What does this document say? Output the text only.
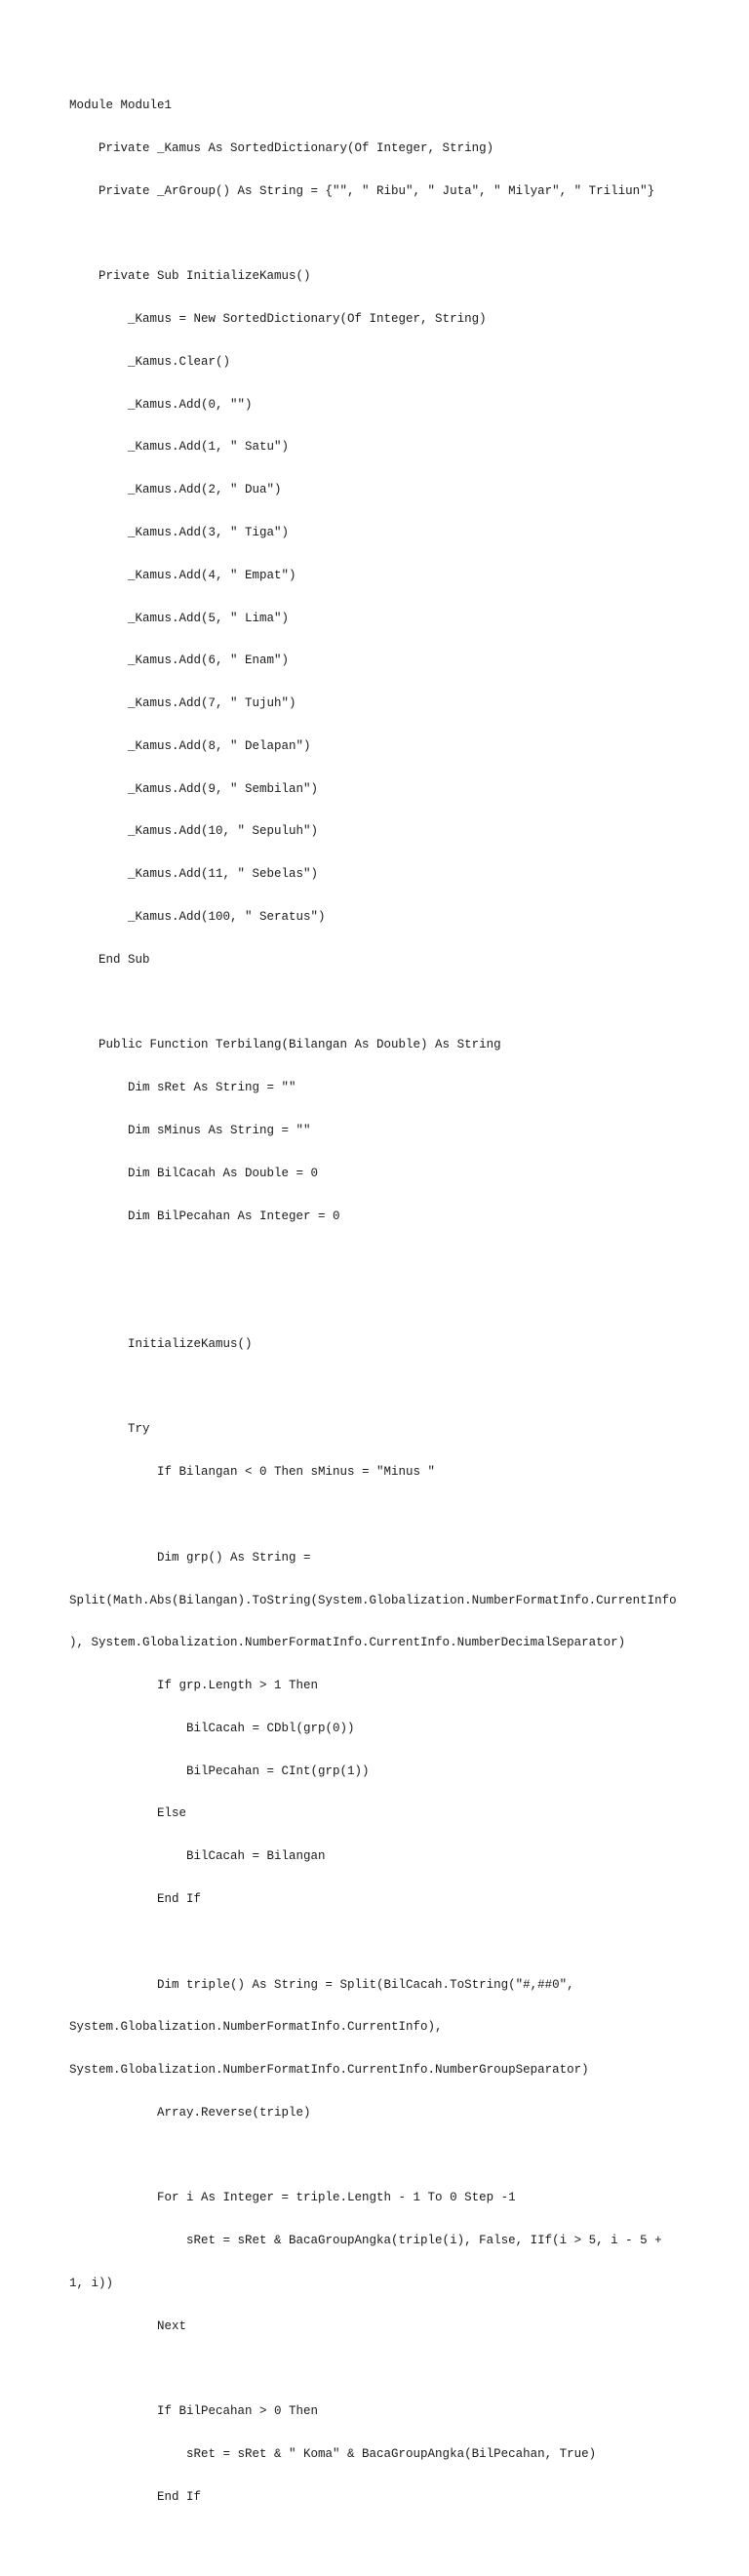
Module Module1

Private _Kamus As SortedDictionary(Of Integer, String)

Private _ArGroup() As String = {"", " Ribu", " Juta", " Milyar", " Triliun"}

Private Sub InitializeKamus()

_Kamus = New SortedDictionary(Of Integer, String)

_Kamus.Clear()

_Kamus.Add(0, "")

_Kamus.Add(1, " Satu")

_Kamus.Add(2, " Dua")

_Kamus.Add(3, " Tiga")

_Kamus.Add(4, " Empat")

_Kamus.Add(5, " Lima")

_Kamus.Add(6, " Enam")

_Kamus.Add(7, " Tujuh")

_Kamus.Add(8, " Delapan")

_Kamus.Add(9, " Sembilan")

_Kamus.Add(10, " Sepuluh")

_Kamus.Add(11, " Sebelas")

_Kamus.Add(100, " Seratus")

End Sub

Public Function Terbilang(Bilangan As Double) As String

Dim sRet As String = ""

Dim sMinus As String = ""

Dim BilCacah As Double = 0

Dim BilPecahan As Integer = 0

InitializeKamus()

Try

If Bilangan < 0 Then sMinus = "Minus "

Dim grp() As String =

Split(Math.Abs(Bilangan).ToString(System.Globalization.NumberFormatInfo.CurrentInfo

), System.Globalization.NumberFormatInfo.CurrentInfo.NumberDecimalSeparator)

If grp.Length > 1 Then

BilCacah = CDbl(grp(0))

BilPecahan = CInt(grp(1))

Else

BilCacah = Bilangan

End If

Dim triple() As String = Split(BilCacah.ToString("#,##0",

System.Globalization.NumberFormatInfo.CurrentInfo),

System.Globalization.NumberFormatInfo.CurrentInfo.NumberGroupSeparator)

Array.Reverse(triple)

For i As Integer = triple.Length - 1 To 0 Step -1

sRet = sRet & BacaGroupAngka(triple(i), False, IIf(i > 5, i - 5 +

1, i))

Next

If BilPecahan > 0 Then

sRet = sRet & " Koma" & BacaGroupAngka(BilPecahan, True)

End If
